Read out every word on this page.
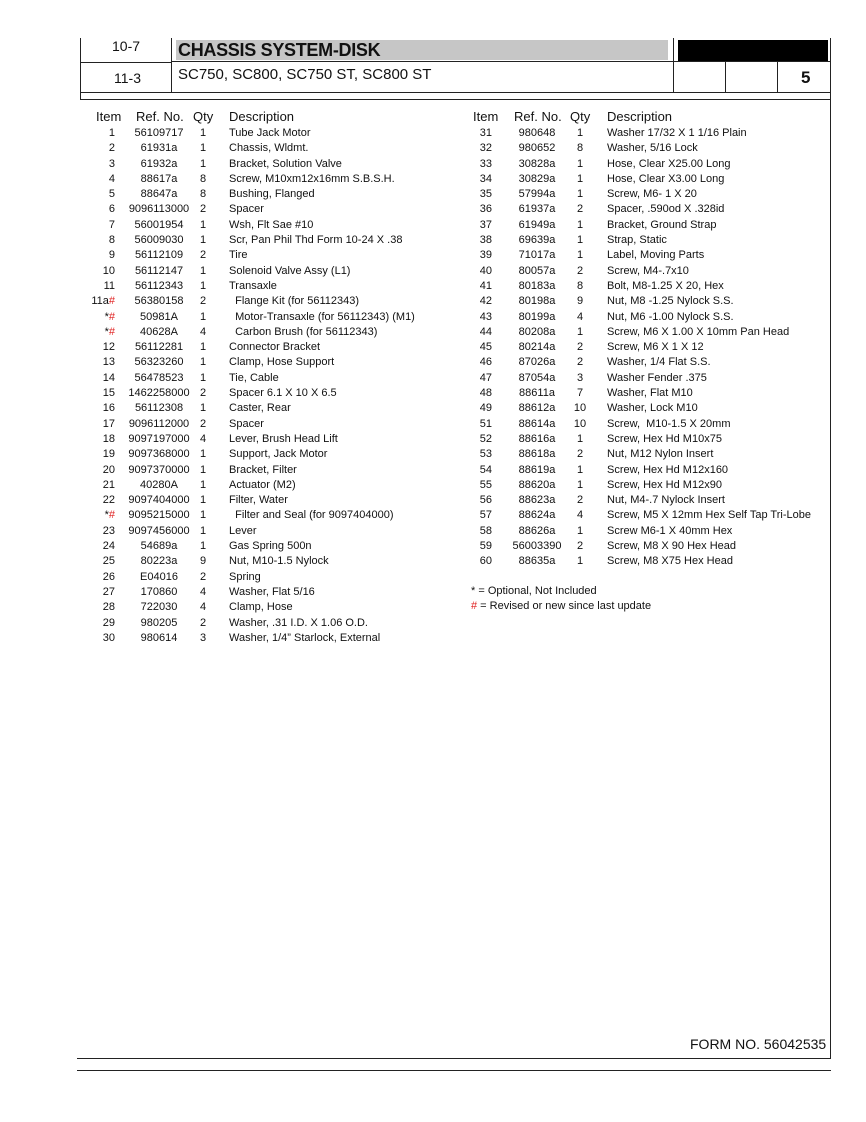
10-7
11-3
CHASSIS SYSTEM-DISK
SC750, SC800, SC750 ST, SC800 ST	5
Item Ref. No. Qty Description	Item Ref. No. Qty Description
1	56109717	1	Tube Jack Motor
2	61931a	1	Chassis, Wldmt.
3	61932a	1	Bracket, Solution Valve
4	88617a	8	Screw, M10xm12x16mm S.B.S.H.
5	88647a	8	Bushing, Flanged
6 9096113000 2	Spacer
7	56001954	1	Wsh, Flt Sae #10
8	56009030	1	Scr, Pan Phil Thd Form 10-24 X .38
9	56112109	2	Tire
10	56112147	1	Solenoid Valve Assy (L1)
11	56112343	1	Transaxle
11a#	56380158	2	Flange Kit (for 56112343)
*#	50981A	1	Motor-Transaxle (for 56112343) (M1)
*#	40628A	4	Carbon Brush (for 56112343)
12	56112281	1	Connector Bracket
13	56323260	1	Clamp, Hose Support
14	56478523	1	Tie, Cable
15 1462258000 2	Spacer 6.1 X 10 X 6.5
16	56112308	1	Caster, Rear
17 9096112000 2	Spacer
18 9097197000 4	Lever, Brush Head Lift
19 9097368000 1	Support, Jack Motor
20 9097370000 1	Bracket, Filter
21	40280A	1	Actuator (M2)
22 9097404000 1	Filter, Water
*# 9095215000 1	Filter and Seal (for 9097404000)
23 9097456000 1	Lever
24	54689a	1	Gas Spring 500n
25	80223a	9	Nut, M10-1.5 Nylock
26	E04016	2	Spring
27	170860	4	Washer, Flat 5/16
28	722030	4	Clamp, Hose
29	980205	2	Washer, .31 I.D. X 1.06 O.D.
30	980614	3	Washer, 1/4” Starlock, External
31	980648	1	Washer 17/32 X 1 1/16 Plain
32	980652	8	Washer, 5/16 Lock
33	30828a	1	Hose, Clear X25.00 Long
34	30829a	1	Hose, Clear X3.00 Long
35	57994a	1	Screw, M6- 1 X 20
36	61937a	2	Spacer, .590od X .328id
37	61949a	1	Bracket, Ground Strap
38	69639a	1	Strap, Static
39	71017a	1	Label, Moving Parts
40	80057a	2	Screw, M4-.7x10
41	80183a	8	Bolt, M8-1.25 X 20, Hex
42	80198a	9	Nut, M8 -1.25 Nylock S.S.
43	80199a	4	Nut, M6 -1.00 Nylock S.S.
44	80208a	1	Screw, M6 X 1.00 X 10mm Pan Head
45	80214a	2	Screw, M6 X 1 X 12
46	87026a	2	Washer, 1/4 Flat S.S.
47	87054a	3	Washer Fender .375
48	88611a	7	Washer, Flat M10
49	88612a	10	Washer, Lock M10
51	88614a	10	Screw,  M10-1.5 X 20mm
52	88616a	1	Screw, Hex Hd M10x75
53	88618a	2	Nut, M12 Nylon Insert
54	88619a	1	Screw, Hex Hd M12x160
55	88620a	1	Screw, Hex Hd M12x90
56	88623a	2	Nut, M4-.7 Nylock Insert
57	88624a	4	Screw, M5 X 12mm Hex Self Tap Tri-Lobe
58	88626a	1	Screw M6-1 X 40mm Hex
59	56003390	2	Screw, M8 X 90 Hex Head
60	88635a	1	Screw, M8 X75 Hex Head
* = Optional, Not Included
# = Revised or new since last update
FORM NO. 56042535
